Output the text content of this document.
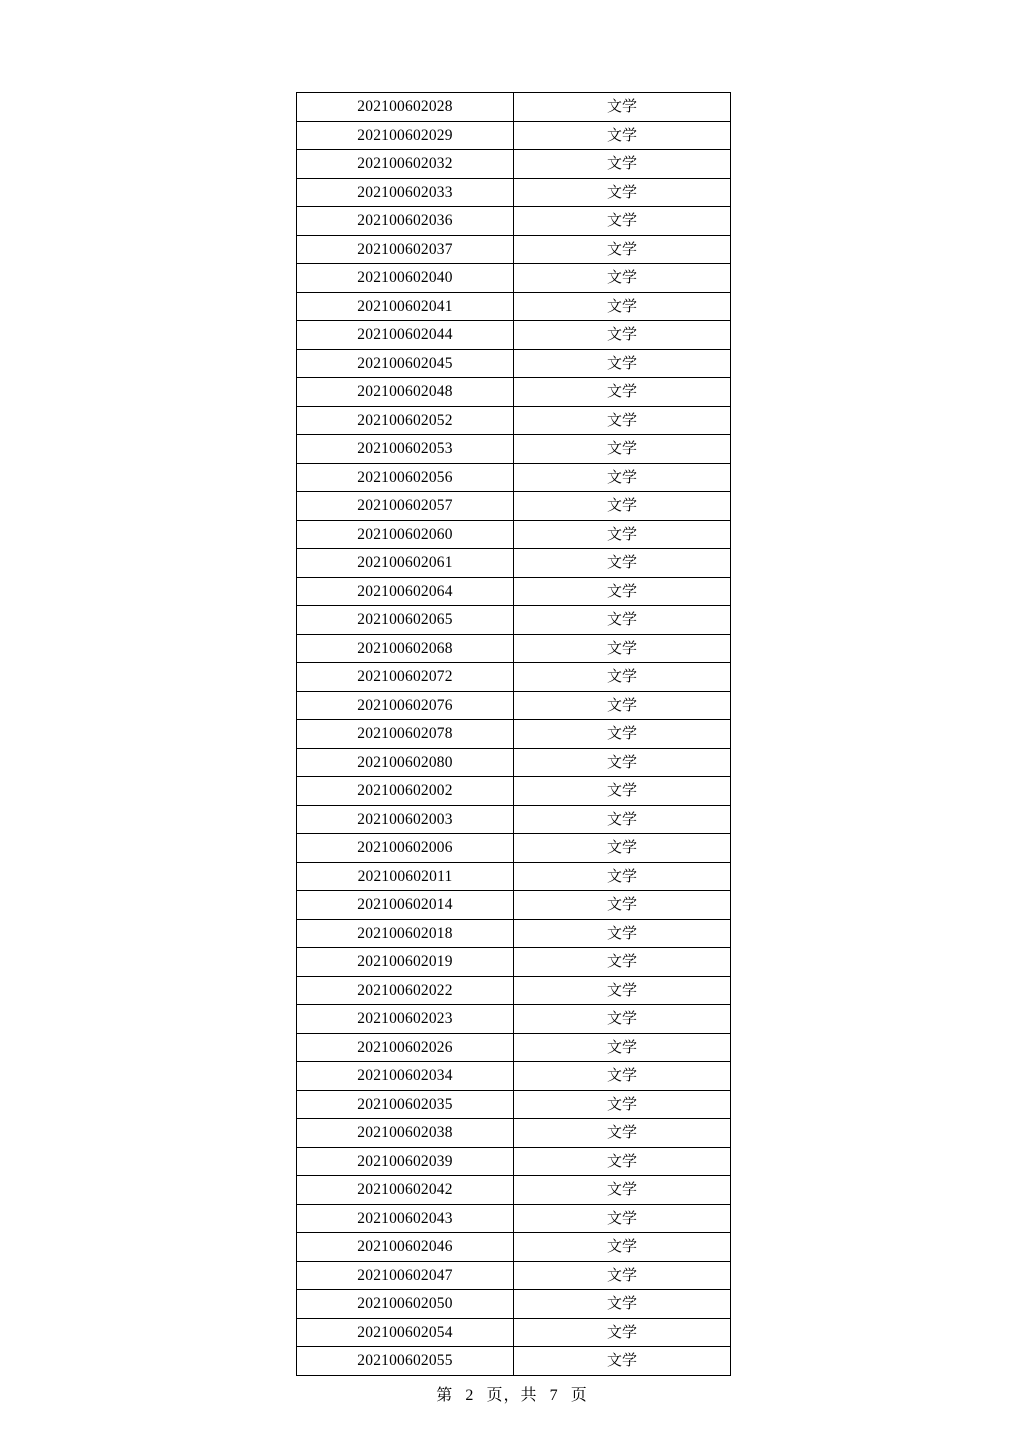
202100602028	文学
202100602029	文学
202100602032	文学
202100602033	文学
202100602036	文学
202100602037	文学
202100602040	文学
202100602041	文学
202100602044	文学
202100602045	文学
202100602048	文学
202100602052	文学
202100602053	文学
202100602056	文学
202100602057	文学
202100602060	文学
202100602061	文学
202100602064	文学
202100602065	文学
202100602068	文学
202100602072	文学
202100602076	文学
202100602078	文学
202100602080	文学
202100602002	文学
202100602003	文学
202100602006	文学
202100602011	文学
202100602014	文学
202100602018	文学
202100602019	文学
202100602022	文学
202100602023	文学
202100602026	文学
202100602034	文学
202100602035	文学
202100602038	文学
202100602039	文学
202100602042	文学
202100602043	文学
202100602046	文学
202100602047	文学
202100602050	文学
202100602054	文学
202100602055	文学
第 2 页，共 7 页
